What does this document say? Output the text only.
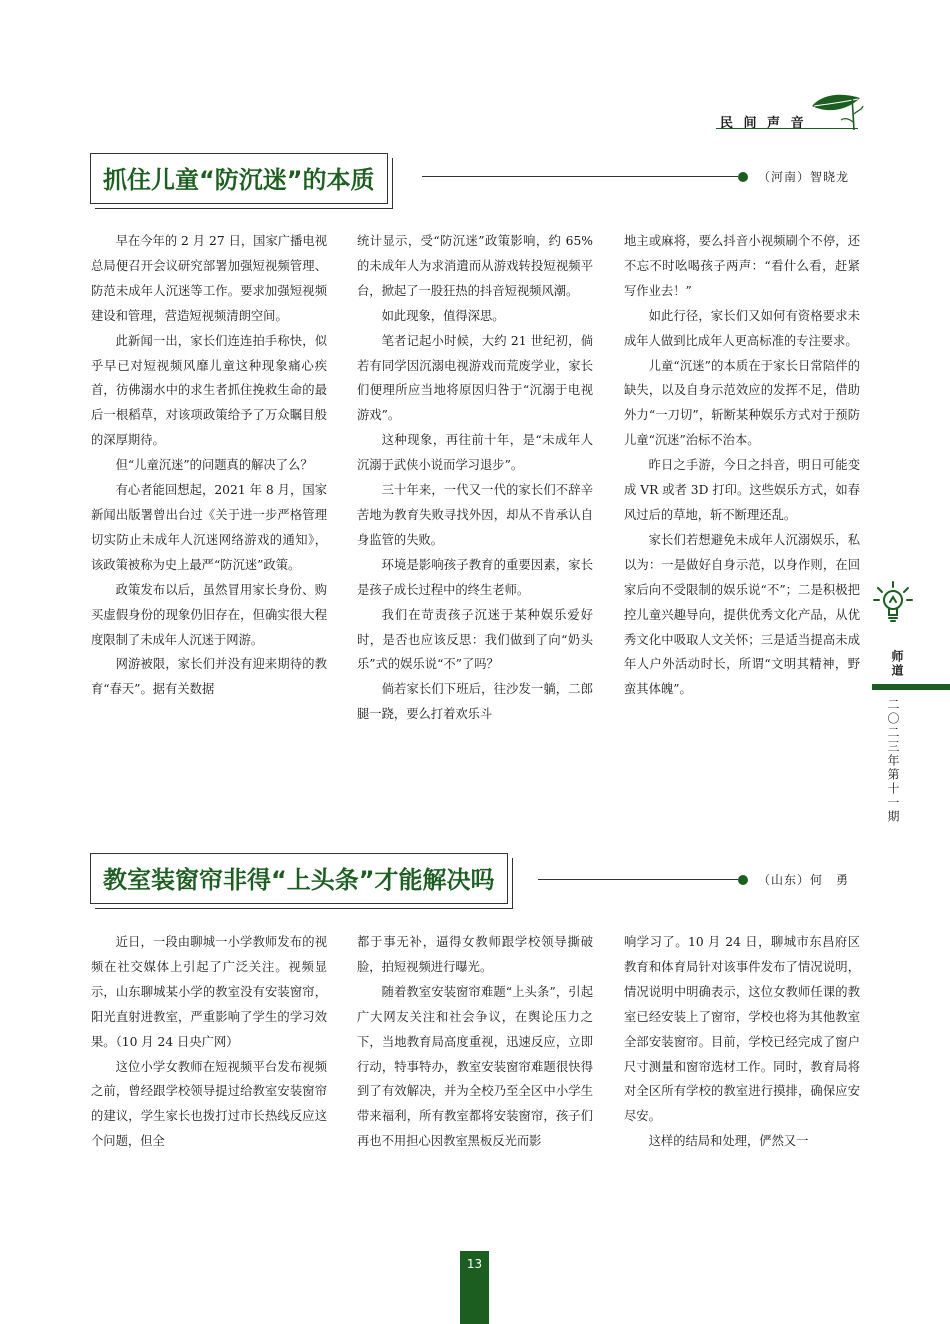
民 间 声 音
抓住儿童“防沉迷”的本质	（河南）智晓龙

早在今年的 2 月 27 日，国家广播电视总局便召开会议研究部署加强短视频管理、防范未成年人沉迷等工作。要求加强短视频建设和管理，营造短视频清朗空间。

此新闻一出，家长们连连拍手称快，似乎早已对短视频风靡儿童这种现象痛心疾首，彷佛溺水中的求生者抓住挽救生命的最后一根稻草，对该项政策给予了万众瞩目般的深厚期待。

但“儿童沉迷”的问题真的解决了么？

有心者能回想起，2021 年 8 月，国家新闻出版署曾出台过《关于进一步严格管理切实防止未成年人沉迷网络游戏的通知》，该政策被称为史上最严“防沉迷”政策。

政策发布以后，虽然冒用家长身份、购买虚假身份的现象仍旧存在，但确实很大程度限制了未成年人沉迷于网游。

网游被限，家长们并没有迎来期待的教育“春天”。据有关数据

统计显示，受“防沉迷”政策影响，约 65% 的未成年人为求消遣而从游戏转投短视频平台，掀起了一股狂热的抖音短视频风潮。

如此现象，值得深思。

笔者记起小时候，大约 21 世纪初，倘若有同学因沉溺电视游戏而荒废学业，家长们便理所应当地将原因归咎于“沉溺于电视游戏”。

这种现象，再往前十年，是“未成年人沉溺于武侠小说而学习退步”。

三十年来，一代又一代的家长们不辞辛苦地为教育失败寻找外因，却从不肯承认自身监管的失败。

环境是影响孩子教育的重要因素，家长是孩子成长过程中的终生老师。

我们在苛责孩子沉迷于某种娱乐爱好时，是否也应该反思：我们做到了向“奶头乐”式的娱乐说“不”了吗？

倘若家长们下班后，往沙发一躺，二郎腿一跷，要么打着欢乐斗

地主或麻将，要么抖音小视频刷个不停，还不忘不时吆喝孩子两声：“看什么看，赶紧写作业去！”

如此行径，家长们又如何有资格要求未成年人做到比成年人更高标准的专注要求。

儿童“沉迷”的本质在于家长日常陪伴的缺失，以及自身示范效应的发挥不足，借助外力“一刀切”，斩断某种娱乐方式对于预防儿童“沉迷”治标不治本。

昨日之手游，今日之抖音，明日可能变成 VR 或者 3D 打印。这些娱乐方式，如春风过后的草地，斩不断理还乱。

家长们若想避免未成年人沉溺娱乐，私以为：一是做好自身示范，以身作则，在回家后向不受限制的娱乐说“不”；二是积极把控儿童兴趣导向，提供优秀文化产品，从优秀文化中吸取人文关怀；三是适当提高未成年人户外活动时长，所谓“文明其精神，野蛮其体魄”。

教室装窗帘非得“上头条”才能解决吗	（山东）何　勇

近日，一段由聊城一小学教师发布的视频在社交媒体上引起了广泛关注。视频显示，山东聊城某小学的教室没有安装窗帘，阳光直射进教室，严重影响了学生的学习效果。（10 月 24 日央广网）

这位小学女教师在短视频平台发布视频之前，曾经跟学校领导提过给教室安装窗帘的建议，学生家长也拨打过市长热线反应这个问题，但全

都于事无补，逼得女教师跟学校领导撕破脸，拍短视频进行曝光。

随着教室安装窗帘难题“上头条”，引起广大网友关注和社会争议，在舆论压力之下，当地教育局高度重视，迅速反应，立即行动，特事特办，教室安装窗帘难题很快得到了有效解决，并为全校乃至全区中小学生带来福利，所有教室都将安装窗帘，孩子们再也不用担心因教室黑板反光而影

响学习了。10 月 24 日，聊城市东昌府区教育和体育局针对该事件发布了情况说明，情况说明中明确表示，这位女教师任课的教室已经安装上了窗帘，学校也将为其他教室全部安装窗帘。目前，学校已经完成了窗户尺寸测量和窗帘选材工作。同时，教育局将对全区所有学校的教室进行摸排，确保应安尽安。

这样的结局和处理，俨然又一

师道
二〇二三年第十一期
13
